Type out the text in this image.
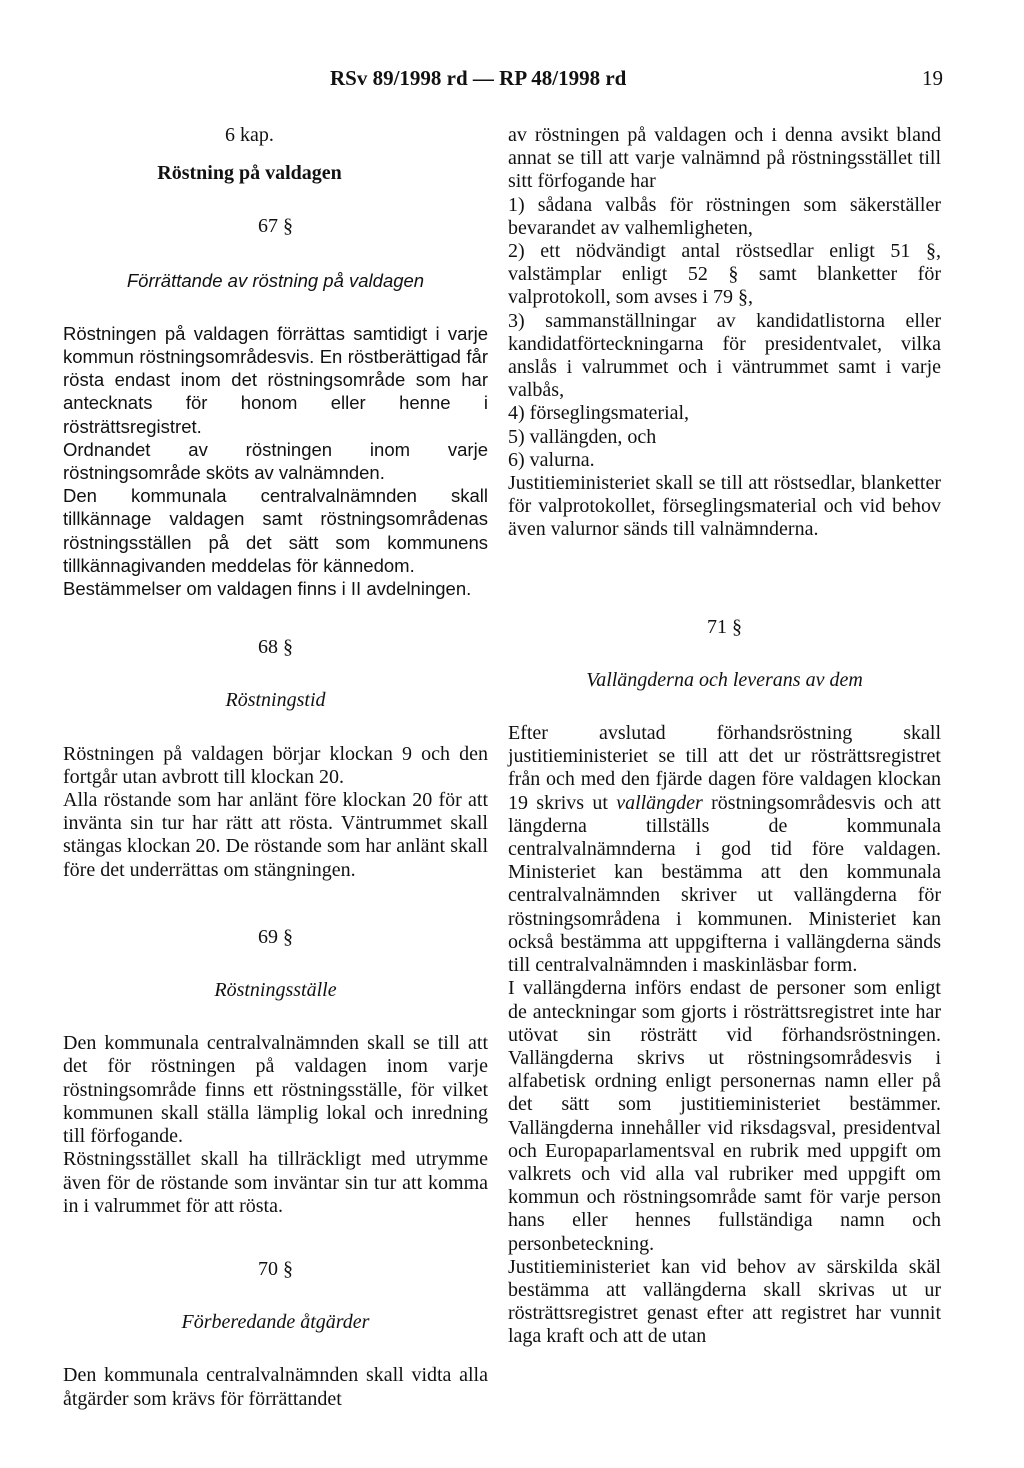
RSv 89/1998 rd — RP 48/1998 rd	19
6 kap.
Röstning på valdagen
67 §
Förrättande av röstning på valdagen

Röstningen på valdagen förrättas samtidigt i varje kommun röstningsområdesvis. En röstberättigad får rösta endast inom det röstningsområde som har antecknats för honom eller henne i rösträttsregistret.

Ordnandet av röstningen inom varje röstningsområde sköts av valnämnden.

Den kommunala centralvalnämnden skall tillkännage valdagen samt röstningsområdenas röstningsställen på det sätt som kommunens tillkännagivanden meddelas för kännedom.

Bestämmelser om valdagen finns i II avdelningen.

68 §
Röstningstid

Röstningen på valdagen börjar klockan 9 och den fortgår utan avbrott till klockan 20.

Alla röstande som har anlänt före klockan 20 för att invänta sin tur har rätt att rösta. Väntrummet skall stängas klockan 20. De röstande som har anlänt skall före det underrättas om stängningen.

69 §
Röstningsställe

Den kommunala centralvalnämnden skall se till att det för röstningen på valdagen inom varje röstningsområde finns ett röstningsställe, för vilket kommunen skall ställa lämplig lokal och inredning till förfogande.

Röstningsstället skall ha tillräckligt med utrymme även för de röstande som inväntar sin tur att komma in i valrummet för att rösta.

70 §
Förberedande åtgärder

Den kommunala centralvalnämnden skall vidta alla åtgärder som krävs för förrättandet

av röstningen på valdagen och i denna avsikt bland annat se till att varje valnämnd på röstningsstället till sitt förfogande har

1) sådana valbås för röstningen som säkerställer bevarandet av valhemligheten,

2) ett nödvändigt antal röstsedlar enligt 51 §, valstämplar enligt 52 § samt blanketter för valprotokoll, som avses i 79 §,

3) sammanställningar av kandidatlistorna eller kandidatförteckningarna för presidentvalet, vilka anslås i valrummet och i väntrummet samt i varje valbås,

4) förseglingsmaterial,

5) vallängden, och

6) valurna.

Justitieministeriet skall se till att röstsedlar, blanketter för valprotokollet, förseglingsmaterial och vid behov även valurnor sänds till valnämnderna.

71 §
Vallängderna och leverans av dem

Efter avslutad förhandsröstning skall justitieministeriet se till att det ur rösträttsregistret från och med den fjärde dagen före valdagen klockan 19 skrivs ut vallängder röstningsområdesvis och att längderna tillställs de kommunala centralvalnämnderna i god tid före valdagen. Ministeriet kan bestämma att den kommunala centralvalnämnden skriver ut vallängderna för röstningsområdena i kommunen. Ministeriet kan också bestämma att uppgifterna i vallängderna sänds till centralvalnämnden i maskinläsbar form.

I vallängderna införs endast de personer som enligt de anteckningar som gjorts i rösträttsregistret inte har utövat sin rösträtt vid förhandsröstningen. Vallängderna skrivs ut röstningsområdesvis i alfabetisk ordning enligt personernas namn eller på det sätt som justitieministeriet bestämmer. Vallängderna innehåller vid riksdagsval, presidentval och Europaparlamentsval en rubrik med uppgift om valkrets och vid alla val rubriker med uppgift om kommun och röstningsområde samt för varje person hans eller hennes fullständiga namn och personbeteckning.

Justitieministeriet kan vid behov av särskilda skäl bestämma att vallängderna skall skrivas ut ur rösträttsregistret genast efter att registret har vunnit laga kraft och att de utan
